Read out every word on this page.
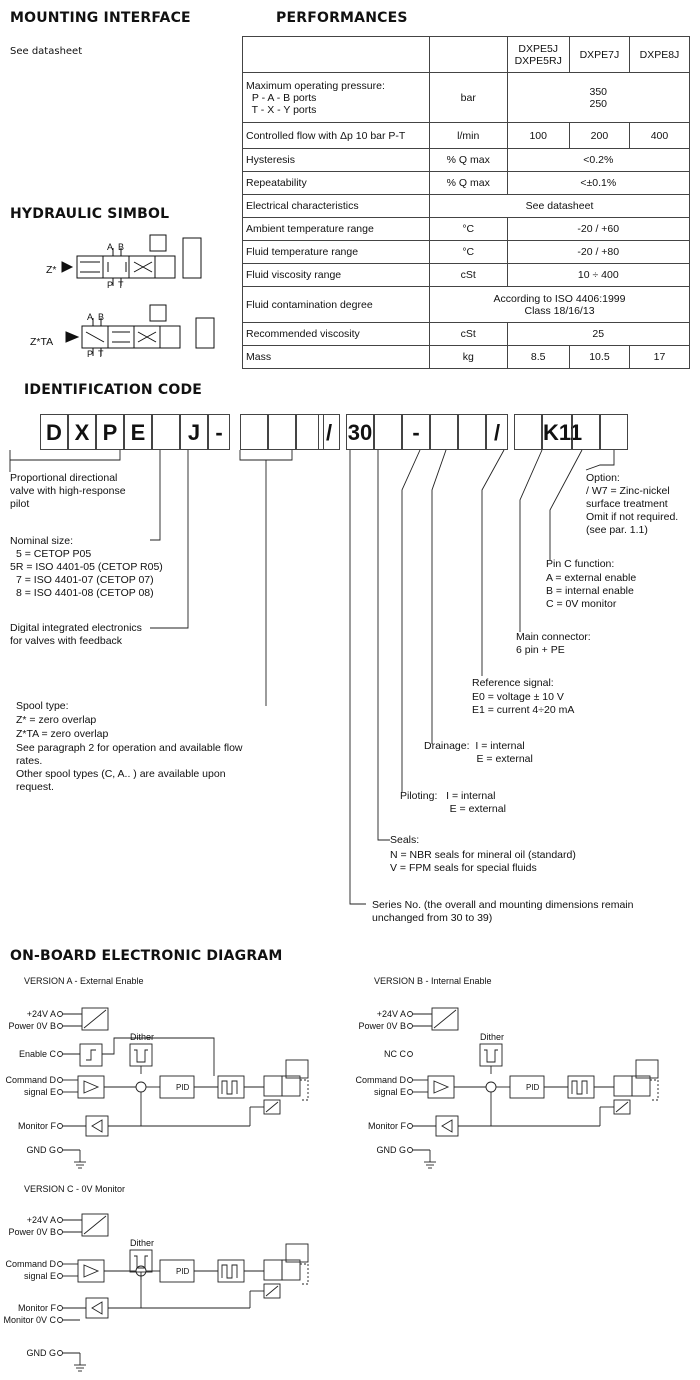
MOUNTING INTERFACE
See datasheet
PERFORMANCES
		DXPE5J
DXPE5RJ	DXPE7J	DXPE8J
Maximum operating pressure:
P - A - B ports
T - X - Y ports	bar	350
250		
Controlled flow with Δp 10 bar P-T	l/min	100	200	400
Hysteresis	% Q max	<0.2%		
Repeatability	% Q max	<±0.1%		
Electrical characteristics	See datasheet			
Ambient temperature range	°C	-20 / +60		
Fluid temperature range	°C	-20 / +80		
Fluid viscosity range	cSt	10 ÷ 400		
Fluid contamination degree	According to ISO 4406:1999
Class 18/16/13			
Recommended viscosity	cSt	25		
Mass	kg	8.5	10.5	17
HYDRAULIC SIMBOL
Z*
Z*TA
A B
P T
A B
P T
IDENTIFICATION CODE
D X P E	J -	/ 30	-	/	K11
Proportional directional
valve with high-response
pilot
Nominal size:
5 = CETOP P05
5R = ISO 4401-05 (CETOP R05)
7 = ISO 4401-07 (CETOP 07)
8 = ISO 4401-08 (CETOP 08)
Digital integrated electronics
for valves with feedback
Spool type:
Z* = zero overlap
Z*TA = zero overlap
See paragraph 2 for operation and available flow
rates.
Other spool types (C, A.. ) are available upon
request.
Series No. (the overall and mounting dimensions remain
unchanged from 30 to 39)
Seals:
N = NBR seals for mineral oil (standard)
V = FPM seals for special fluids
Piloting:   I = internal
E = external
Drainage:  I = internal
E = external
Reference signal:
E0 = voltage ± 10 V
E1 = current 4÷20 mA
Main connector:
6 pin + PE
Pin C function:
A = external enable
B = internal enable
C = 0V monitor
Option:
/ W7 = Zinc-nickel
surface treatment
Omit if not required.
(see par. 1.1)
ON-BOARD ELECTRONIC DIAGRAM
VERSION A - External Enable	VERSION B - Internal Enable
VERSION C - 0V Monitor
+24V A
Power 0V B
Enable C
Command D
signal E
Monitor F
GND G
Dither
PID
+24V A
Power 0V B
NC C
Command D
signal E
Monitor F
GND G
Dither
PID
+24V A
Power 0V B
Command D
signal E
Monitor F
Monitor 0V C
GND G
Dither
PID
